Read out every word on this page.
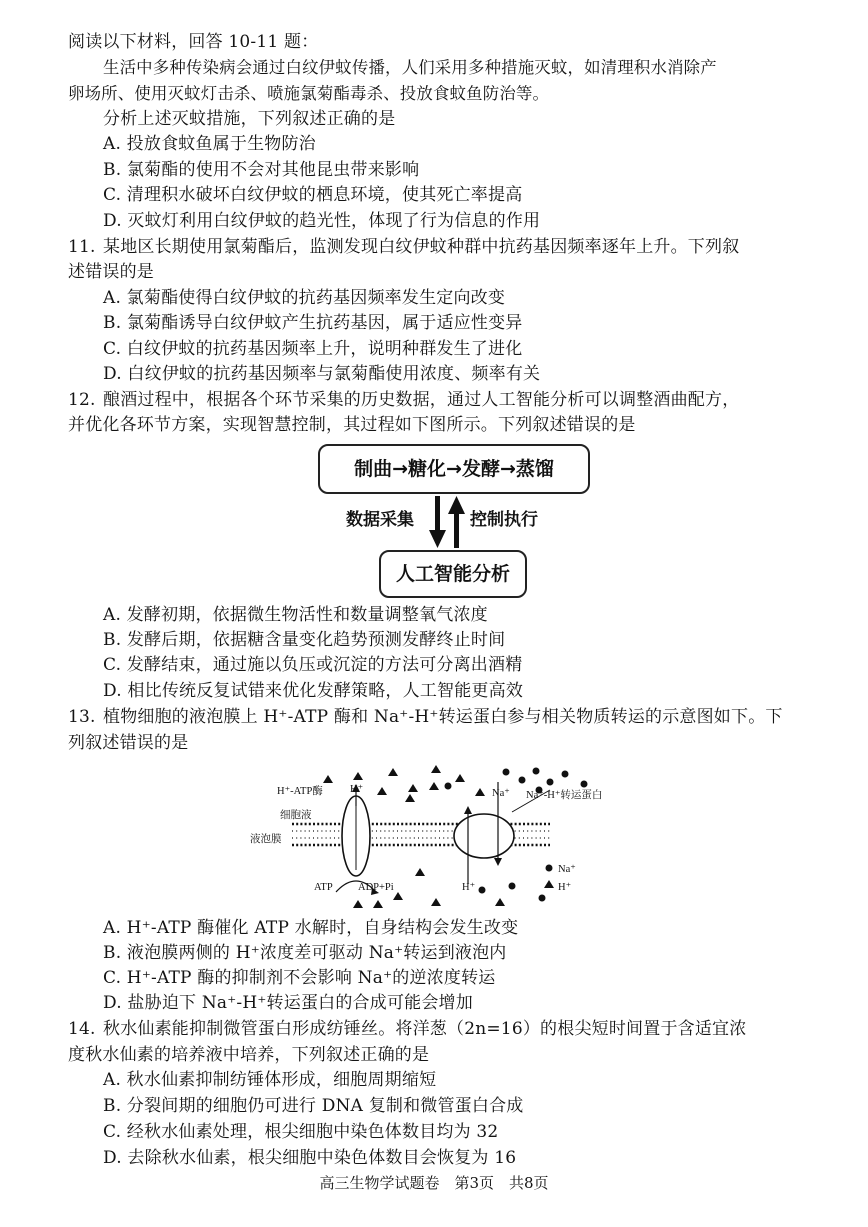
阅读以下材料，回答 10-11 题：
生活中多种传染病会通过白纹伊蚊传播，人们采用多种措施灭蚊，如清理积水消除产
卵场所、使用灭蚊灯击杀、喷施氯菊酯毒杀、投放食蚊鱼防治等。
分析上述灭蚊措施，下列叙述正确的是
A. 投放食蚊鱼属于生物防治
B. 氯菊酯的使用不会对其他昆虫带来影响
C. 清理积水破坏白纹伊蚊的栖息环境，使其死亡率提高
D. 灭蚊灯利用白纹伊蚊的趋光性，体现了行为信息的作用
11. 某地区长期使用氯菊酯后，监测发现白纹伊蚊种群中抗药基因频率逐年上升。下列叙
述错误的是
A. 氯菊酯使得白纹伊蚊的抗药基因频率发生定向改变
B. 氯菊酯诱导白纹伊蚊产生抗药基因，属于适应性变异
C. 白纹伊蚊的抗药基因频率上升，说明种群发生了进化
D. 白纹伊蚊的抗药基因频率与氯菊酯使用浓度、频率有关
12. 酿酒过程中，根据各个环节采集的历史数据，通过人工智能分析可以调整酒曲配方，
并优化各环节方案，实现智慧控制，其过程如下图所示。下列叙述错误的是
制曲→糖化→发酵→蒸馏
数据采集	控制执行
人工智能分析
A. 发酵初期，依据微生物活性和数量调整氧气浓度
B. 发酵后期，依据糖含量变化趋势预测发酵终止时间
C. 发酵结束，通过施以负压或沉淀的方法可分离出酒精
D. 相比传统反复试错来优化发酵策略，人工智能更高效
13. 植物细胞的液泡膜上 H⁺-ATP 酶和 Na⁺-H⁺转运蛋白参与相关物质转运的示意图如下。下
列叙述错误的是
H⁺-ATP酶	H⁺
细胞液
液泡膜
Na⁺ Na⁺-H⁺转运蛋白
ATP ADP+Pi	H⁺
Na⁺
H⁺
A. H⁺-ATP 酶催化 ATP 水解时，自身结构会发生改变
B. 液泡膜两侧的 H⁺浓度差可驱动 Na⁺转运到液泡内
C. H⁺-ATP 酶的抑制剂不会影响 Na⁺的逆浓度转运
D. 盐胁迫下 Na⁺-H⁺转运蛋白的合成可能会增加
14. 秋水仙素能抑制微管蛋白形成纺锤丝。将洋葱（2n=16）的根尖短时间置于含适宜浓
度秋水仙素的培养液中培养，下列叙述正确的是
A. 秋水仙素抑制纺锤体形成，细胞周期缩短
B. 分裂间期的细胞仍可进行 DNA 复制和微管蛋白合成
C. 经秋水仙素处理，根尖细胞中染色体数目均为 32
D. 去除秋水仙素，根尖细胞中染色体数目会恢复为 16
高三生物学试题卷　第3页　共8页
